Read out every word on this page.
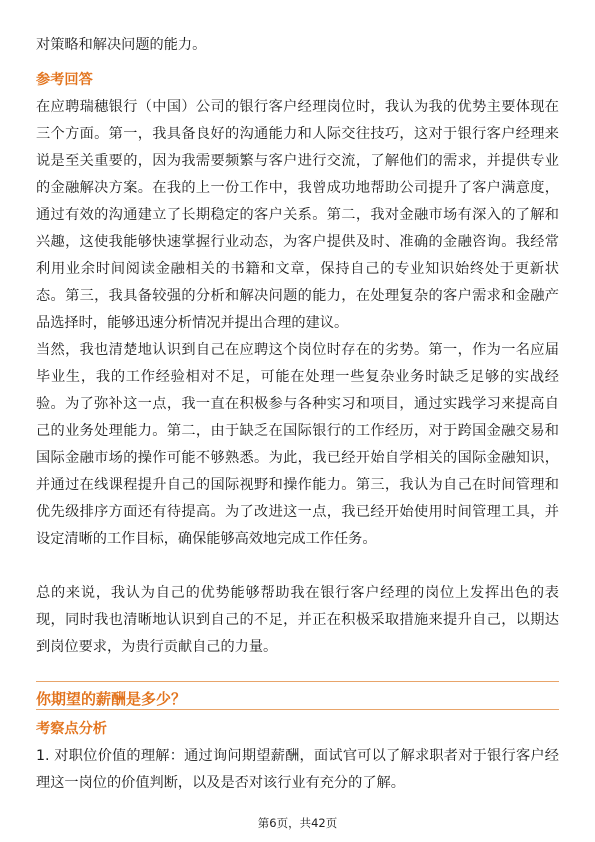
对策略和解决问题的能力。

参考回答

在应聘瑞穗银行（中国）公司的银行客户经理岗位时，我认为我的优势主要体现在三个方面。第一，我具备良好的沟通能力和人际交往技巧，这对于银行客户经理来说是至关重要的，因为我需要频繁与客户进行交流，了解他们的需求，并提供专业的金融解决方案。在我的上一份工作中，我曾成功地帮助公司提升了客户满意度，通过有效的沟通建立了长期稳定的客户关系。第二，我对金融市场有深入的了解和兴趣，这使我能够快速掌握行业动态，为客户提供及时、准确的金融咨询。我经常利用业余时间阅读金融相关的书籍和文章，保持自己的专业知识始终处于更新状态。第三，我具备较强的分析和解决问题的能力，在处理复杂的客户需求和金融产品选择时，能够迅速分析情况并提出合理的建议。

当然，我也清楚地认识到自己在应聘这个岗位时存在的劣势。第一，作为一名应届毕业生，我的工作经验相对不足，可能在处理一些复杂业务时缺乏足够的实战经验。为了弥补这一点，我一直在积极参与各种实习和项目，通过实践学习来提高自己的业务处理能力。第二，由于缺乏在国际银行的工作经历，对于跨国金融交易和国际金融市场的操作可能不够熟悉。为此，我已经开始自学相关的国际金融知识，并通过在线课程提升自己的国际视野和操作能力。第三，我认为自己在时间管理和优先级排序方面还有待提高。为了改进这一点，我已经开始使用时间管理工具，并设定清晰的工作目标，确保能够高效地完成工作任务。

总的来说，我认为自己的优势能够帮助我在银行客户经理的岗位上发挥出色的表现，同时我也清晰地认识到自己的不足，并正在积极采取措施来提升自己，以期达到岗位要求，为贵行贡献自己的力量。

你期望的薪酬是多少？

考察点分析

1. 对职位价值的理解：通过询问期望薪酬，面试官可以了解求职者对于银行客户经理这一岗位的价值判断，以及是否对该行业有充分的了解。

第6页，共42页
